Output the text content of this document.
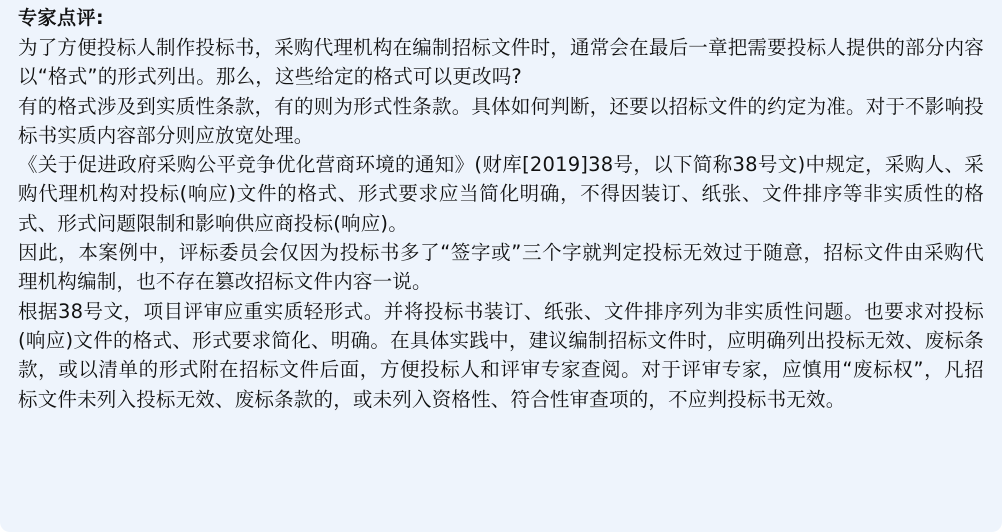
专家点评:

为了方便投标人制作投标书，采购代理机构在编制招标文件时，通常会在最后一章把需要投标人提供的部分内容以“格式”的形式列出。那么，这些给定的格式可以更改吗?

有的格式涉及到实质性条款，有的则为形式性条款。具体如何判断，还要以招标文件的约定为准。对于不影响投标书实质内容部分则应放宽处理。

《关于促进政府采购公平竞争优化营商环境的通知》(财库[2019]38号，以下简称38号文)中规定，采购人、采购代理机构对投标(响应)文件的格式、形式要求应当简化明确，不得因装订、纸张、文件排序等非实质性的格式、形式问题限制和影响供应商投标(响应)。

因此，本案例中，评标委员会仅因为投标书多了“签字或”三个字就判定投标无效过于随意，招标文件由采购代理机构编制，也不存在篡改招标文件内容一说。

根据38号文，项目评审应重实质轻形式。并将投标书装订、纸张、文件排序列为非实质性问题。也要求对投标(响应)文件的格式、形式要求简化、明确。在具体实践中，建议编制招标文件时，应明确列出投标无效、废标条款，或以清单的形式附在招标文件后面，方便投标人和评审专家查阅。对于评审专家，应慎用“废标权”，凡招标文件未列入投标无效、废标条款的，或未列入资格性、符合性审查项的，不应判投标书无效。
